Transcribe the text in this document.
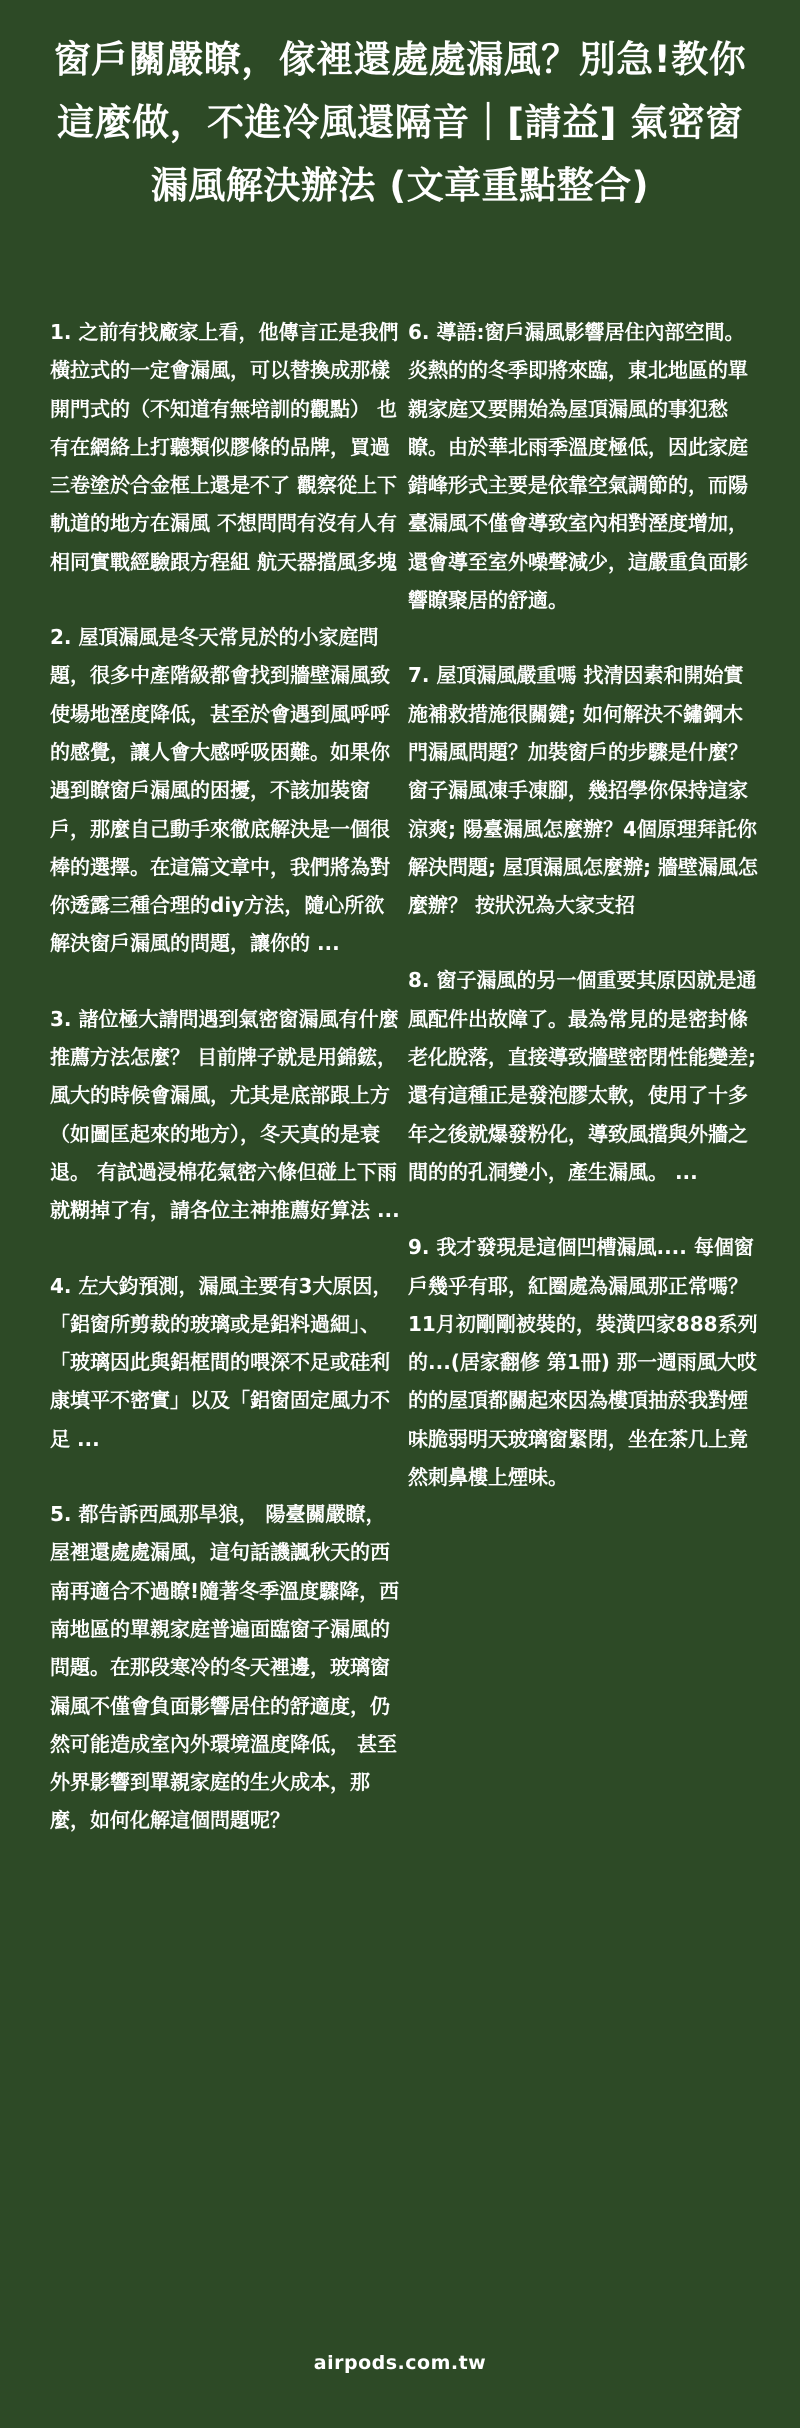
窗戶關嚴瞭，傢裡還處處漏風？別急!教你這麼做，不進冷風還隔音｜[請益] 氣密窗漏風解決辦法 (文章重點整合)

1. 之前有找廠家上看，他傳言正是我們橫拉式的一定會漏風，可以替換成那樣開門式的（不知道有無培訓的觀點） 也有在網絡上打聽類似膠條的品牌，買過三卷塗於合金框上還是不了 觀察從上下軌道的地方在漏風 不想問問有沒有人有相同實戰經驗跟方程組 航天器擋風多塊

2. 屋頂漏風是冬天常見於的小家庭問題，很多中產階級都會找到牆壁漏風致使場地溼度降低，甚至於會遇到風呼呼的感覺，讓人會大感呼吸困難。如果你遇到瞭窗戶漏風的困擾，不該加裝窗戶，那麼自己動手來徹底解決是一個很棒的選擇。在這篇文章中，我們將為對你透露三種合理的diy方法，隨心所欲解決窗戶漏風的問題，讓你的 ...

3. 諸位極大請問遇到氣密窗漏風有什麼推薦方法怎麼？ 目前牌子就是用錦鋐，風大的時候會漏風，尤其是底部跟上方（如圖匡起來的地方），冬天真的是衰退。 有試過浸棉花氣密六條但碰上下雨就糊掉了有，請各位主神推薦好算法 ...

4. 左大鈞預測，漏風主要有3大原因，「鋁窗所剪裁的玻璃或是鋁料過細」、「玻璃因此與鋁框間的喂深不足或硅利康填平不密實」以及「鋁窗固定風力不足 ...

5. 都告訴西風那旱狼， 陽臺關嚴瞭，屋裡還處處漏風，這句話譏諷秋天的西南再適合不過瞭!隨著冬季溫度驟降，西南地區的單親家庭普遍面臨窗子漏風的問題。在那段寒冷的冬天裡邊，玻璃窗漏風不僅會負面影響居住的舒適度，仍然可能造成室內外環境溫度降低， 甚至外界影響到單親家庭的生火成本，那麼，如何化解這個問題呢？

6. 導語:窗戶漏風影響居住內部空間。炎熱的的冬季即將來臨，東北地區的單親家庭又要開始為屋頂漏風的事犯愁瞭。由於華北雨季溫度極低，因此家庭錯峰形式主要是依靠空氣調節的，而陽臺漏風不僅會導致室內相對溼度增加，還會導至室外噪聲減少，這嚴重負面影響瞭聚居的舒適。

7. 屋頂漏風嚴重嗎 找清因素和開始實施補救措施很關鍵; 如何解決不鏽鋼木門漏風問題？加裝窗戶的步驟是什麼？ 窗子漏風凍手凍腳，幾招學你保持這家涼爽; 陽臺漏風怎麼辦？4個原理拜託你解決問題; 屋頂漏風怎麼辦; 牆壁漏風怎麼辦？ 按狀況為大家支招

8. 窗子漏風的另一個重要其原因就是通風配件出故障了。最為常見的是密封條老化脫落，直接導致牆壁密閉性能變差;還有這種正是發泡膠太軟，使用了十多年之後就爆發粉化，導致風擋與外牆之間的的孔洞變小，產生漏風。 ...

9. 我才發現是這個凹槽漏風.... 每個窗戶幾乎有耶，紅圈處為漏風那正常嗎？11月初剛剛被裝的，裝潢四家888系列的...(居家翻修 第1冊) 那一週雨風大哎的的屋頂都關起來因為樓頂抽菸我對煙味脆弱明天玻璃窗緊閉，坐在茶几上竟然刺鼻樓上煙味。

airpods.com.tw
